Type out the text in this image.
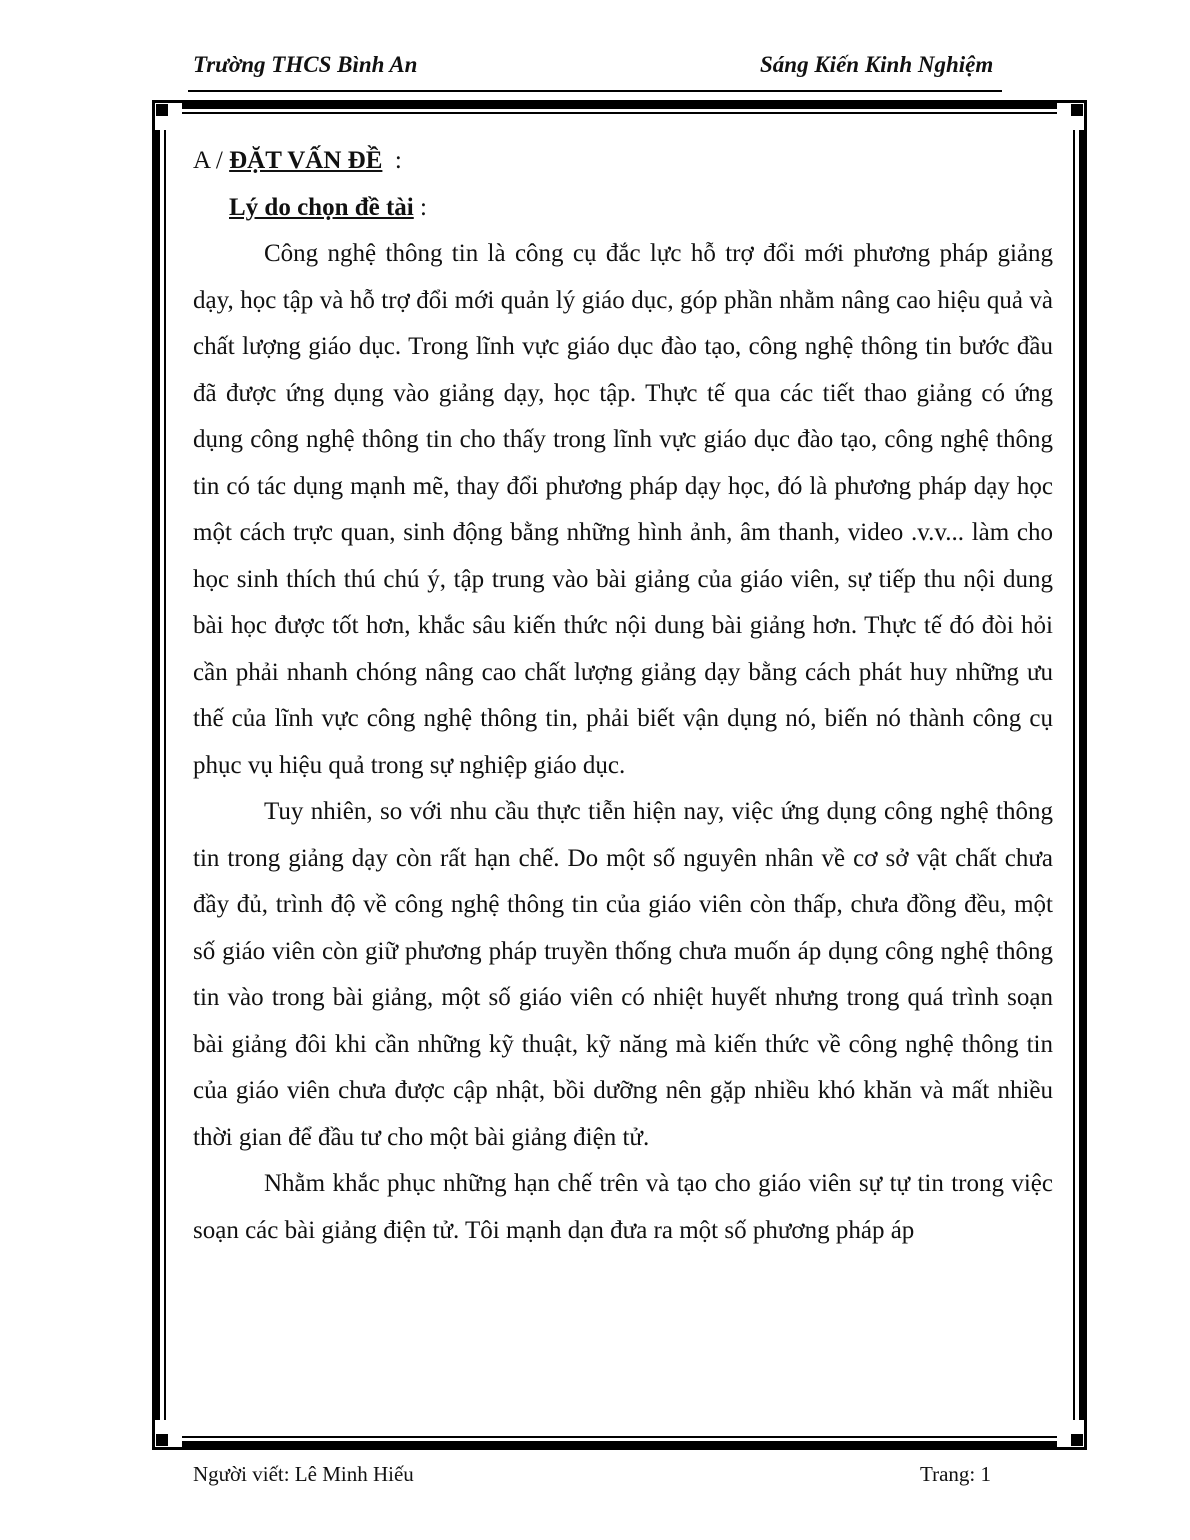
Trường THCS Bình An	Sáng Kiến Kinh Nghiệm
A / ĐẶT VẤN ĐỀ  :
Lý do chọn đề tài :

Công nghệ thông tin là công cụ đắc lực hỗ trợ đổi mới phương pháp giảng dạy, học tập và hỗ trợ đổi mới quản lý giáo dục, góp phần nhằm nâng cao hiệu quả và chất lượng giáo dục. Trong lĩnh vực giáo dục đào tạo, công nghệ thông tin bước đầu đã được ứng dụng vào giảng dạy, học tập. Thực tế qua các tiết thao giảng có ứng dụng công nghệ thông tin cho thấy trong lĩnh vực giáo dục đào tạo, công nghệ thông tin có tác dụng mạnh mẽ, thay đổi phương pháp dạy học, đó là phương pháp dạy học một cách trực quan, sinh động bằng những hình ảnh, âm thanh, video .v.v... làm cho học sinh thích thú chú ý, tập trung vào bài giảng của giáo viên, sự tiếp thu nội dung bài học được tốt hơn, khắc sâu kiến thức nội dung bài giảng hơn. Thực tế đó đòi hỏi cần phải nhanh chóng nâng cao chất lượng giảng dạy bằng cách phát huy những ưu thế của lĩnh vực công nghệ thông tin, phải biết vận dụng nó, biến nó thành công cụ phục vụ hiệu quả trong sự nghiệp giáo dục.

Tuy nhiên, so với nhu cầu thực tiễn hiện nay, việc ứng dụng công nghệ thông tin trong giảng dạy còn rất hạn chế. Do một số nguyên nhân về cơ sở vật chất chưa đầy đủ, trình độ về công nghệ thông tin của giáo viên còn thấp, chưa đồng đều, một số giáo viên còn giữ phương pháp truyền thống chưa muốn áp dụng công nghệ thông tin vào trong bài giảng, một số giáo viên có nhiệt huyết nhưng trong quá trình soạn bài giảng đôi khi cần những kỹ thuật, kỹ năng mà kiến thức về công nghệ thông tin của giáo viên chưa được cập nhật, bồi dưỡng nên gặp nhiều khó khăn và mất nhiều thời gian để đầu tư cho một bài giảng điện tử.

Nhằm khắc phục những hạn chế trên và tạo cho giáo viên sự tự tin trong việc soạn các bài giảng điện tử. Tôi mạnh dạn đưa ra một số phương pháp áp

Người viết: Lê Minh Hiếu	Trang: 1
